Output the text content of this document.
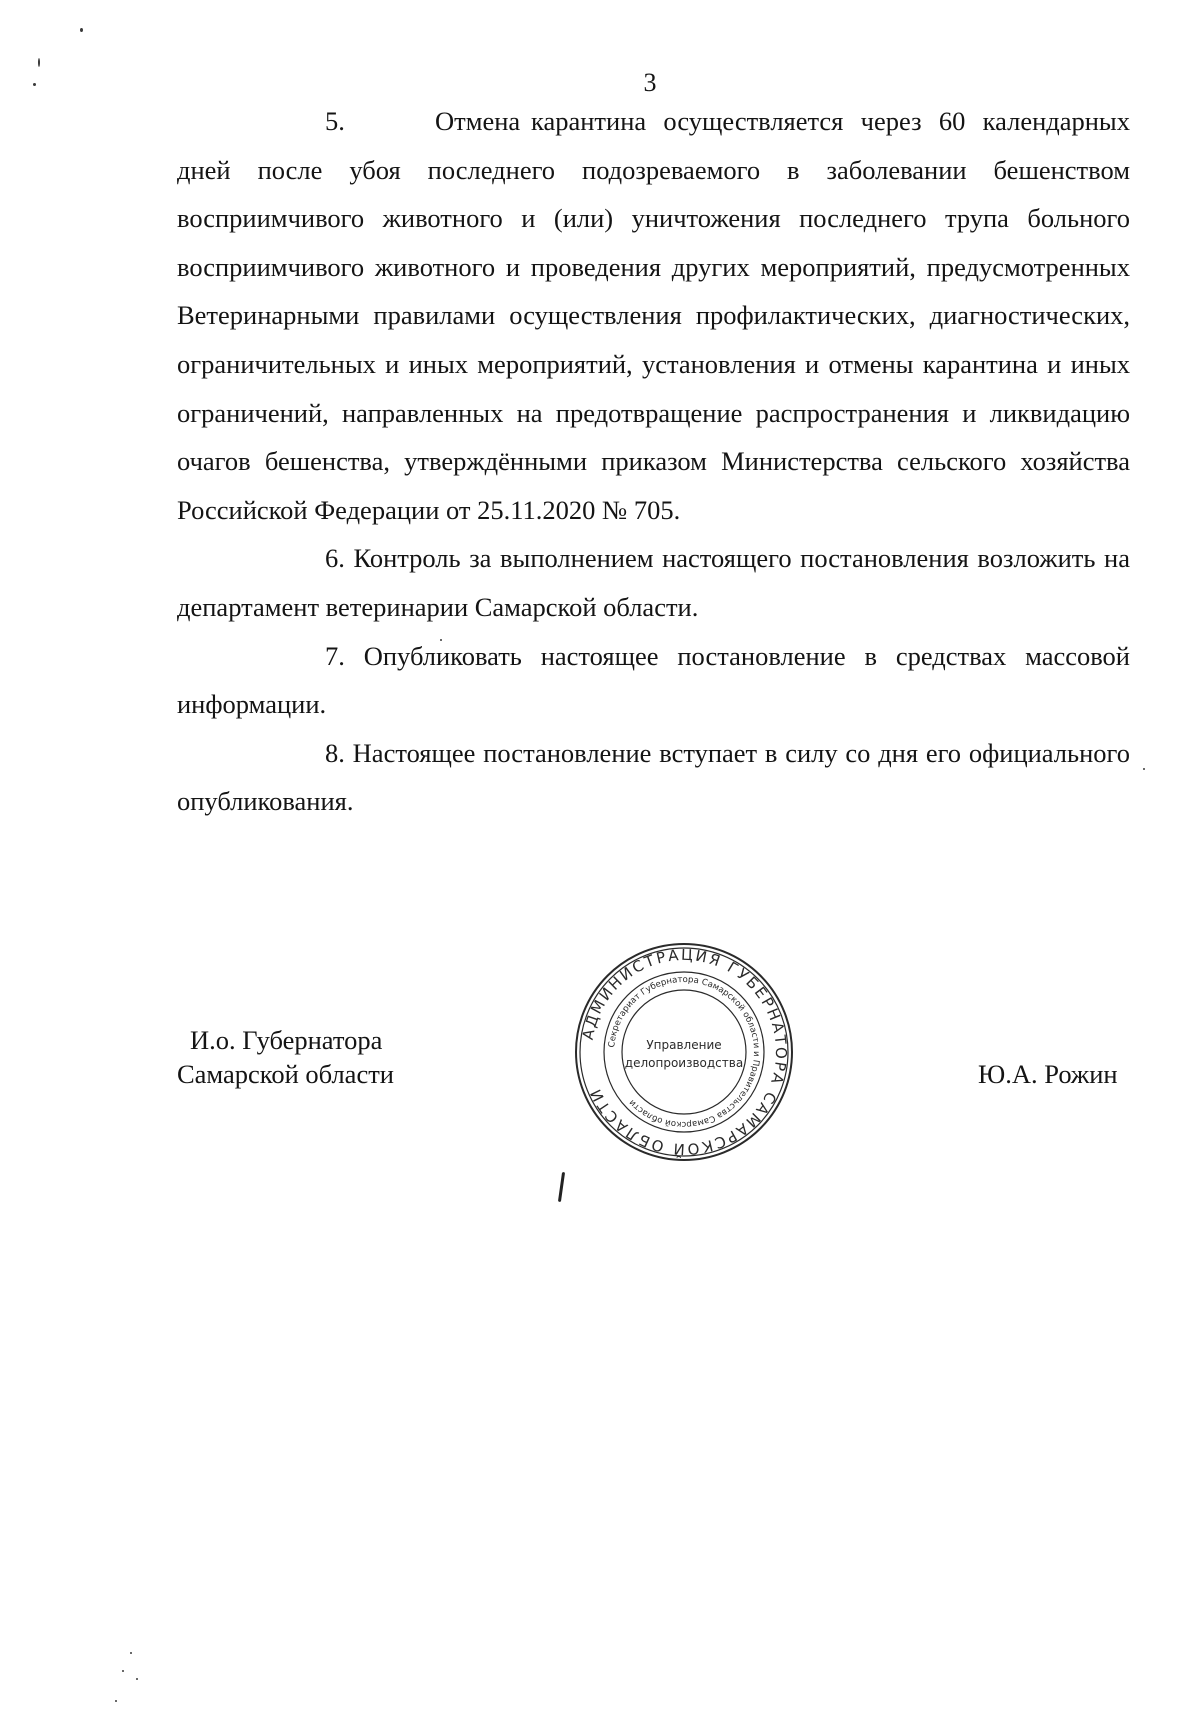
3

5.	Отмена карантина осуществляется через 60 календарных дней после убоя последнего подозреваемого в заболевании бешенством восприимчивого животного и (или) уничтожения последнего трупа больного восприимчивого животного и проведения других мероприятий, предусмотренных Ветеринарными правилами осуществления профилактических, диагностических, ограничительных и иных мероприятий, установления и отмены карантина и иных ограничений, направленных на предотвращение распространения и ликвидацию очагов бешенства, утверждёнными приказом Министерства сельского хозяйства Российской Федерации от 25.11.2020 № 705.

6. Контроль за выполнением настоящего постановления возложить на департамент ветеринарии Самарской области.

7. Опубликовать настоящее постановление в средствах массовой информации.

8. Настоящее постановление вступает в силу со дня его официального опубликования.

И.о. Губернатора
Самарской области	Ю.А. Рожин
АДМИНИСТРАЦИЯ ГУБЕРНАТОРА САМАРСКОЙ ОБЛАСТИ
Секретариат Губернатора Самарской области и Правительства Самарской области
Управление
делопроизводства
